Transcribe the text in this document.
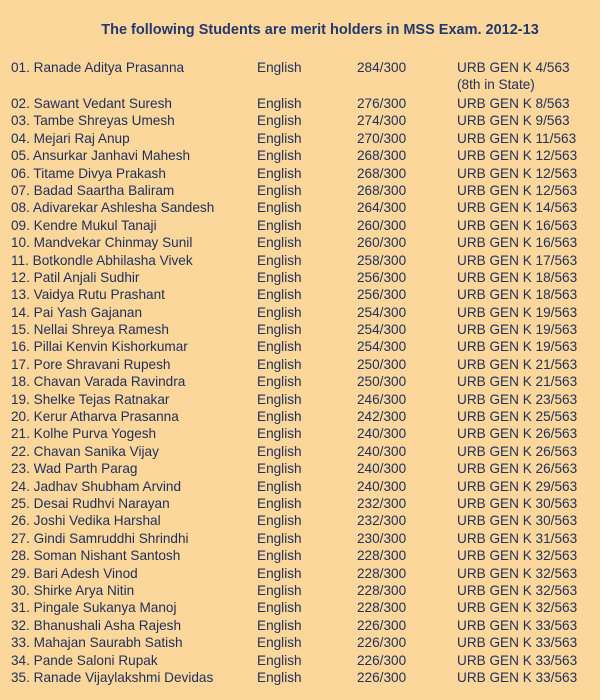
The following Students are merit holders in MSS Exam. 2012-13
01. Ranade Aditya Prasanna	English	284/300	URB GEN K 4/563
(8th in State)
02. Sawant Vedant Suresh	English	276/300	URB GEN K 8/563
03. Tambe Shreyas Umesh	English	274/300	URB GEN K 9/563
04. Mejari Raj Anup	English	270/300	URB GEN K 11/563
05. Ansurkar Janhavi Mahesh	English	268/300	URB GEN K 12/563
06. Titame Divya Prakash	English	268/300	URB GEN K 12/563
07. Badad Saartha Baliram	English	268/300	URB GEN K 12/563
08. Adivarekar Ashlesha Sandesh	English	264/300	URB GEN K 14/563
09. Kendre Mukul Tanaji	English	260/300	URB GEN K 16/563
10. Mandvekar Chinmay Sunil	English	260/300	URB GEN K 16/563
11. Botkondle Abhilasha Vivek	English	258/300	URB GEN K 17/563
12. Patil Anjali Sudhir	English	256/300	URB GEN K 18/563
13. Vaidya Rutu Prashant	English	256/300	URB GEN K 18/563
14. Pai Yash Gajanan	English	254/300	URB GEN K 19/563
15. Nellai Shreya Ramesh	English	254/300	URB GEN K 19/563
16. Pillai Kenvin Kishorkumar	English	254/300	URB GEN K 19/563
17. Pore Shravani Rupesh	English	250/300	URB GEN K 21/563
18. Chavan Varada Ravindra	English	250/300	URB GEN K 21/563
19. Shelke Tejas Ratnakar	English	246/300	URB GEN K 23/563
20. Kerur Atharva Prasanna	English	242/300	URB GEN K 25/563
21. Kolhe Purva Yogesh	English	240/300	URB GEN K 26/563
22. Chavan Sanika Vijay	English	240/300	URB GEN K 26/563
23. Wad Parth Parag	English	240/300	URB GEN K 26/563
24. Jadhav Shubham Arvind	English	240/300	URB GEN K 29/563
25. Desai Rudhvi Narayan	English	232/300	URB GEN K 30/563
26. Joshi Vedika Harshal	English	232/300	URB GEN K 30/563
27. Gindi Samruddhi Shrindhi	English	230/300	URB GEN K 31/563
28. Soman Nishant Santosh	English	228/300	URB GEN K 32/563
29. Bari Adesh Vinod	English	228/300	URB GEN K 32/563
30. Shirke Arya Nitin	English	228/300	URB GEN K 32/563
31. Pingale Sukanya Manoj	English	228/300	URB GEN K 32/563
32. Bhanushali Asha Rajesh	English	226/300	URB GEN K 33/563
33. Mahajan Saurabh Satish	English	226/300	URB GEN K 33/563
34. Pande Saloni Rupak	English	226/300	URB GEN K 33/563
35. Ranade Vijaylakshmi Devidas	English	226/300	URB GEN K 33/563
